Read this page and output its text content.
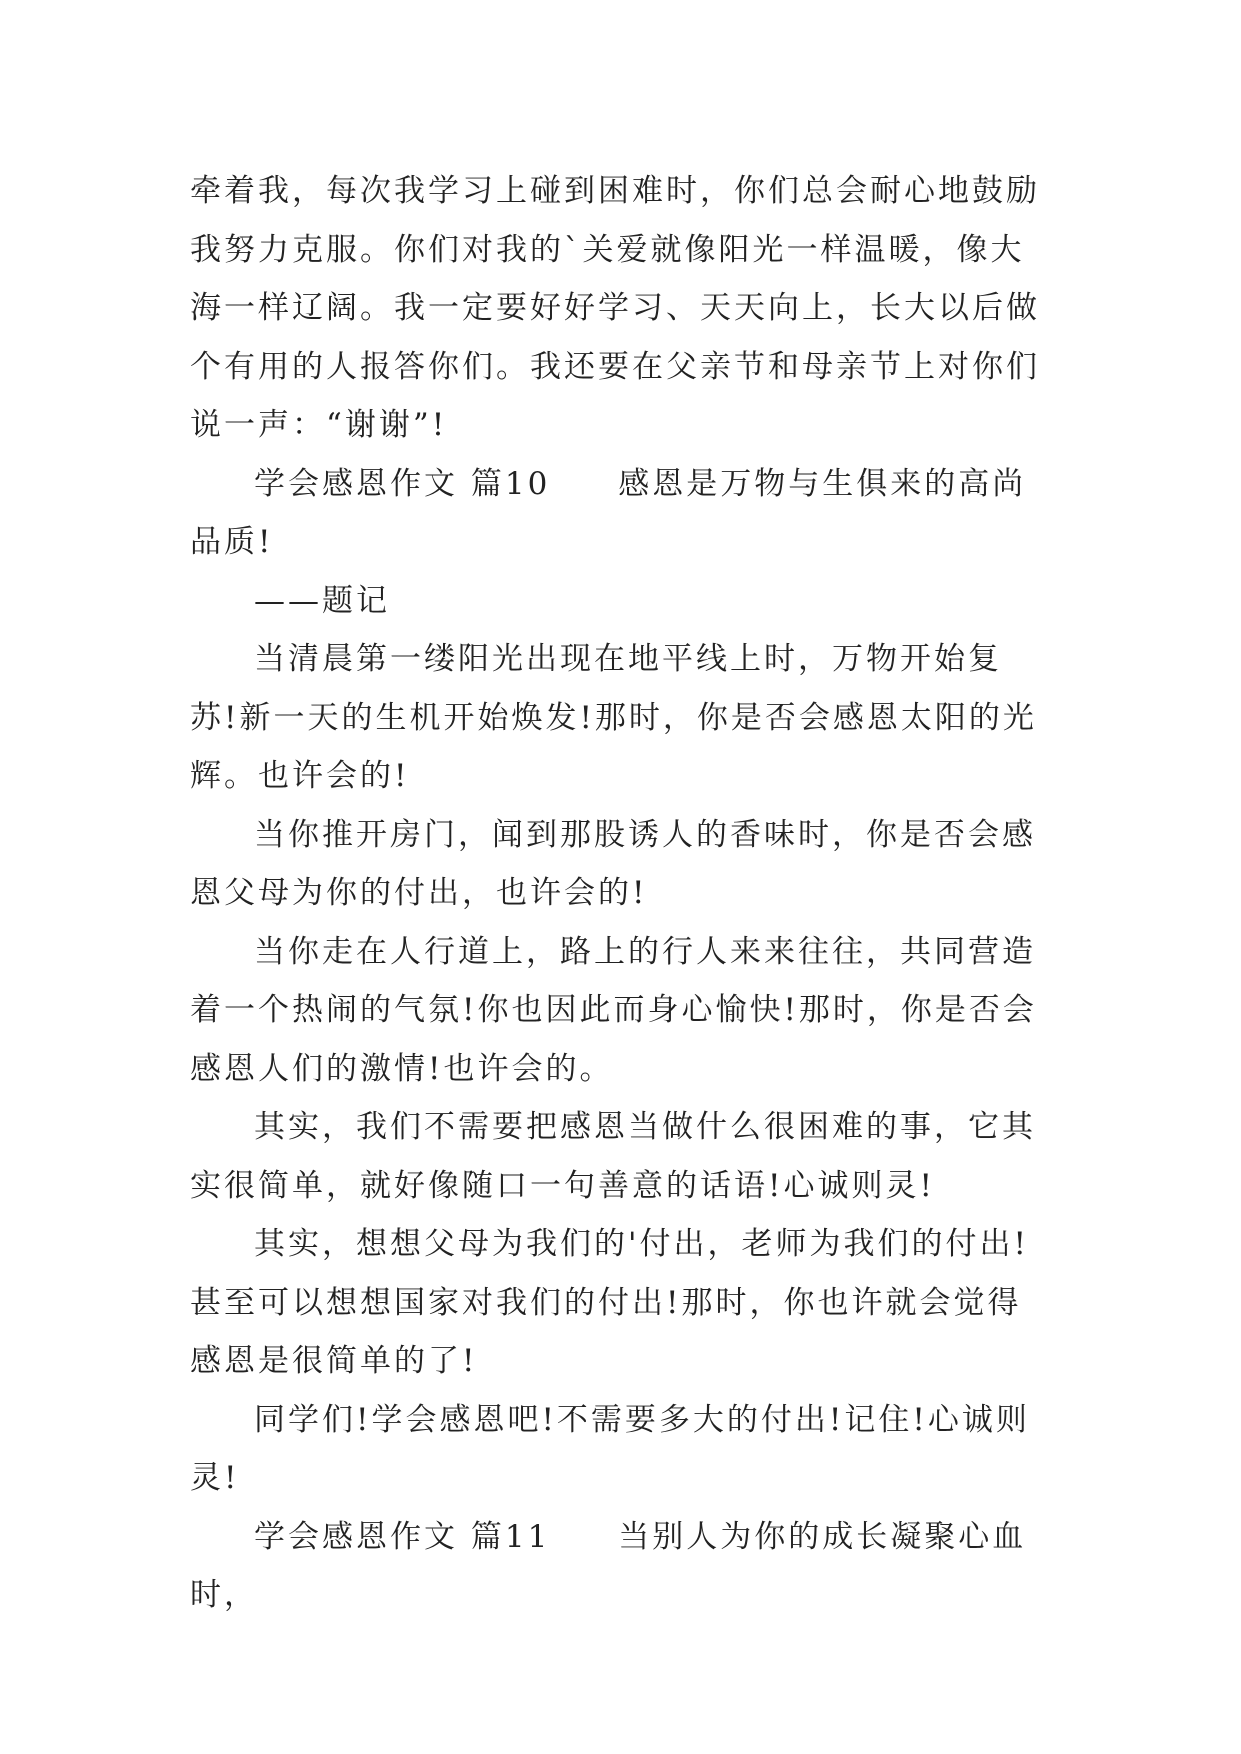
牵着我，每次我学习上碰到困难时，你们总会耐心地鼓励我努力克服。你们对我的`关爱就像阳光一样温暖，像大海一样辽阔。我一定要好好学习、天天向上，长大以后做个有用的人报答你们。我还要在父亲节和母亲节上对你们说一声：“谢谢”!

学会感恩作文 篇10　　感恩是万物与生俱来的高尚品质!

——题记

当清晨第一缕阳光出现在地平线上时，万物开始复苏!新一天的生机开始焕发!那时，你是否会感恩太阳的光辉。也许会的!

当你推开房门，闻到那股诱人的香味时，你是否会感恩父母为你的付出，也许会的!

当你走在人行道上，路上的行人来来往往，共同营造着一个热闹的气氛!你也因此而身心愉快!那时，你是否会感恩人们的激情!也许会的。

其实，我们不需要把感恩当做什么很困难的事，它其实很简单，就好像随口一句善意的话语!心诚则灵!

其实，想想父母为我们的'付出，老师为我们的付出!甚至可以想想国家对我们的付出!那时，你也许就会觉得感恩是很简单的了!

同学们!学会感恩吧!不需要多大的付出!记住!心诚则灵!

学会感恩作文 篇11　　当别人为你的成长凝聚心血时，
